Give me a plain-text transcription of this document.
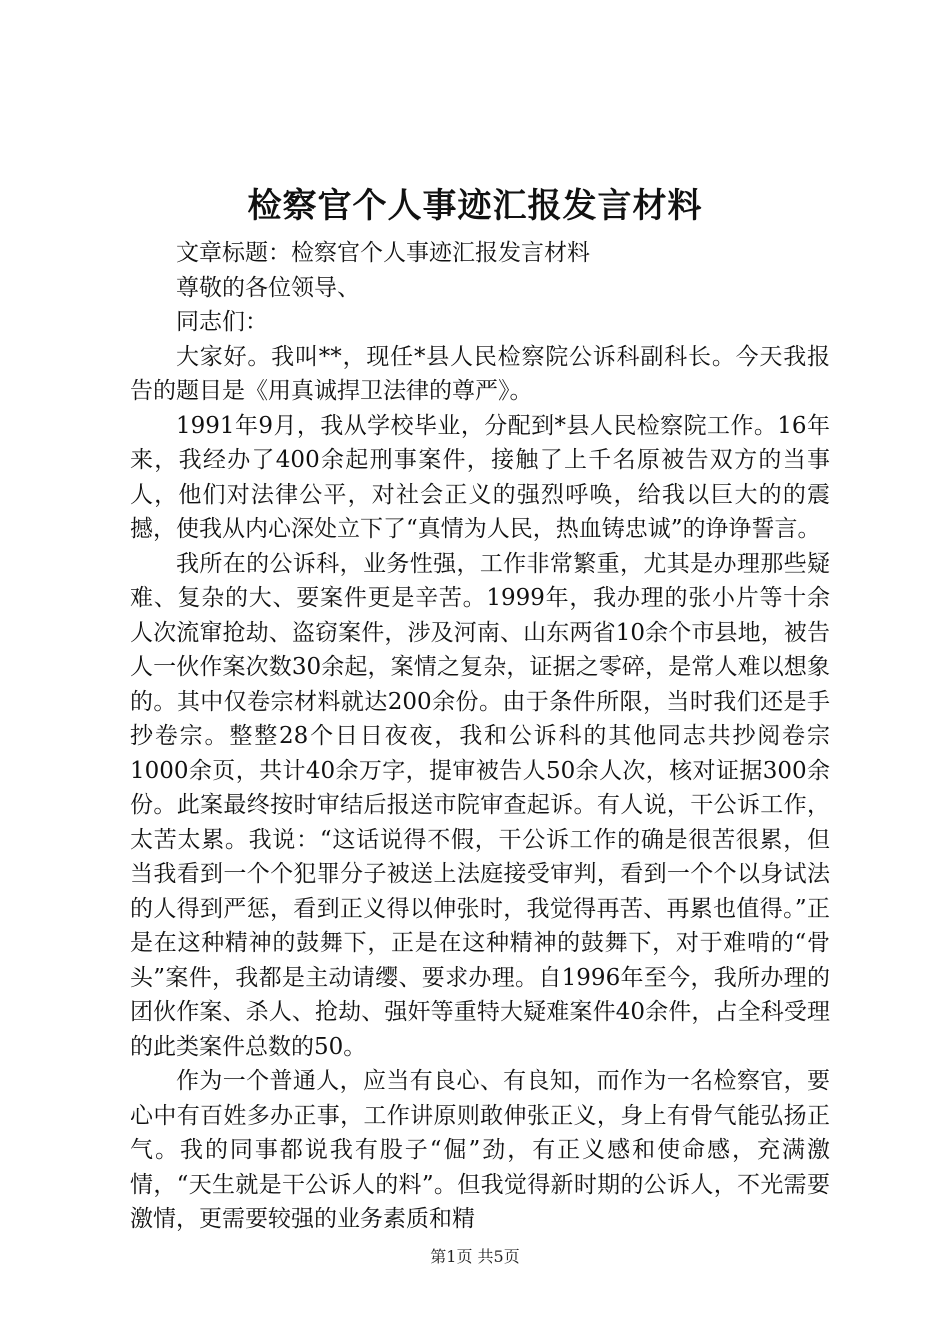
检察官个人事迹汇报发言材料

文章标题：检察官个人事迹汇报发言材料

尊敬的各位领导、

同志们：

大家好。我叫**，现任*县人民检察院公诉科副科长。今天我报告的题目是《用真诚捍卫法律的尊严》。

1991年9月，我从学校毕业，分配到*县人民检察院工作。16年来，我经办了400余起刑事案件，接触了上千名原被告双方的当事人，他们对法律公平，对社会正义的强烈呼唤，给我以巨大的的震撼，使我从内心深处立下了“真情为人民，热血铸忠诚”的诤诤誓言。

我所在的公诉科，业务性强，工作非常繁重，尤其是办理那些疑难、复杂的大、要案件更是辛苦。1999年，我办理的张小片等十余人次流窜抢劫、盗窃案件，涉及河南、山东两省10余个市县地，被告人一伙作案次数30余起，案情之复杂，证据之零碎，是常人难以想象的。其中仅卷宗材料就达200余份。由于条件所限，当时我们还是手抄卷宗。整整28个日日夜夜，我和公诉科的其他同志共抄阅卷宗1000余页，共计40余万字，提审被告人50余人次，核对证据300余份。此案最终按时审结后报送市院审查起诉。有人说，干公诉工作，太苦太累。我说：“这话说得不假，干公诉工作的确是很苦很累，但当我看到一个个犯罪分子被送上法庭接受审判，看到一个个以身试法的人得到严惩，看到正义得以伸张时，我觉得再苦、再累也值得。”正是在这种精神的鼓舞下，正是在这种精神的鼓舞下，对于难啃的“骨头”案件，我都是主动请缨、要求办理。自1996年至今，我所办理的团伙作案、杀人、抢劫、强奸等重特大疑难案件40余件，占全科受理的此类案件总数的50。

作为一个普通人，应当有良心、有良知，而作为一名检察官，要心中有百姓多办正事，工作讲原则敢伸张正义，身上有骨气能弘扬正气。我的同事都说我有股子“倔”劲，有正义感和使命感，充满激情，“天生就是干公诉人的料”。但我觉得新时期的公诉人，不光需要激情，更需要较强的业务素质和精

第1页 共5页
